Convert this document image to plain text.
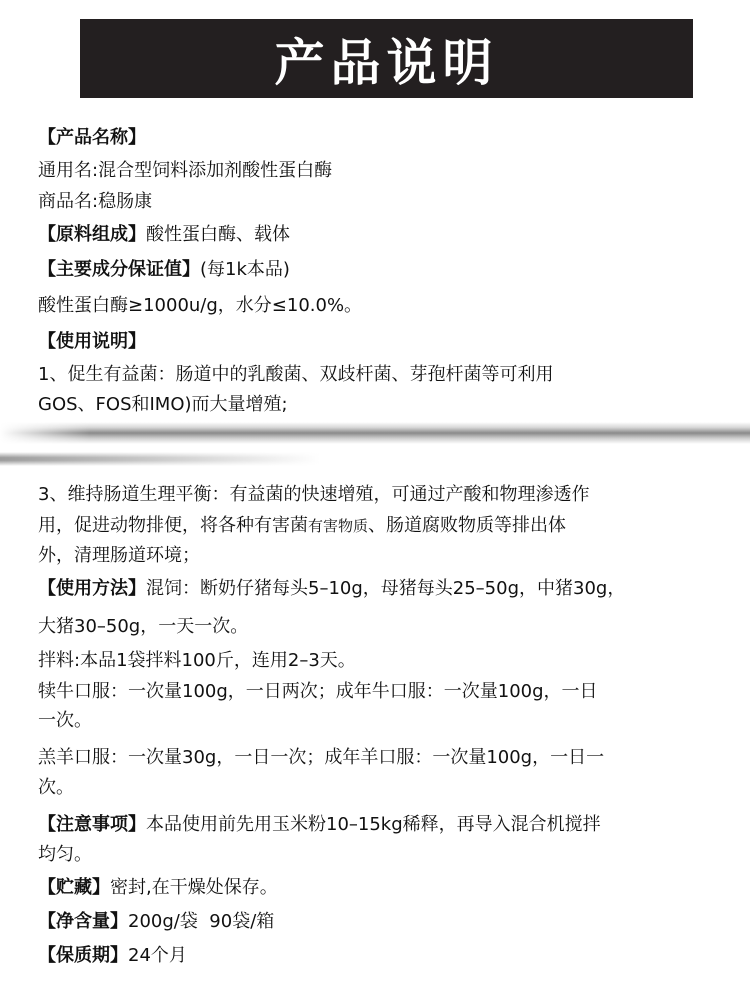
产品说明
【产品名称】
通用名:混合型饲料添加剂酸性蛋白酶
商品名:稳肠康
【原料组成】酸性蛋白酶、载体
【主要成分保证值】(每1k本品)
酸性蛋白酶≥1000u/g，水分≤10.0%。
【使用说明】
1、促生有益菌：肠道中的乳酸菌、双歧杆菌、芽孢杆菌等可利用
GOS、FOS和IMO)而大量增殖;
3、维持肠道生理平衡：有益菌的快速增殖，可通过产酸和物理渗透作
用，促进动物排便，将各种有害菌有害物质、肠道腐败物质等排出体
外，清理肠道环境；
【使用方法】混饲：断奶仔猪每头5–10g，母猪每头25–50g，中猪30g，
大猪30–50g，一天一次。
拌料:本品1袋拌料100斤，连用2–3天。
犊牛口服：一次量100g，一日两次；成年牛口服：一次量100g，一日
一次。
羔羊口服：一次量30g，一日一次；成年羊口服：一次量100g，一日一
次。
【注意事项】本品使用前先用玉米粉10–15kg稀释，再导入混合机搅拌
均匀。
【贮藏】密封,在干燥处保存。
【净含量】200g/袋  90袋/箱
【保质期】24个月
